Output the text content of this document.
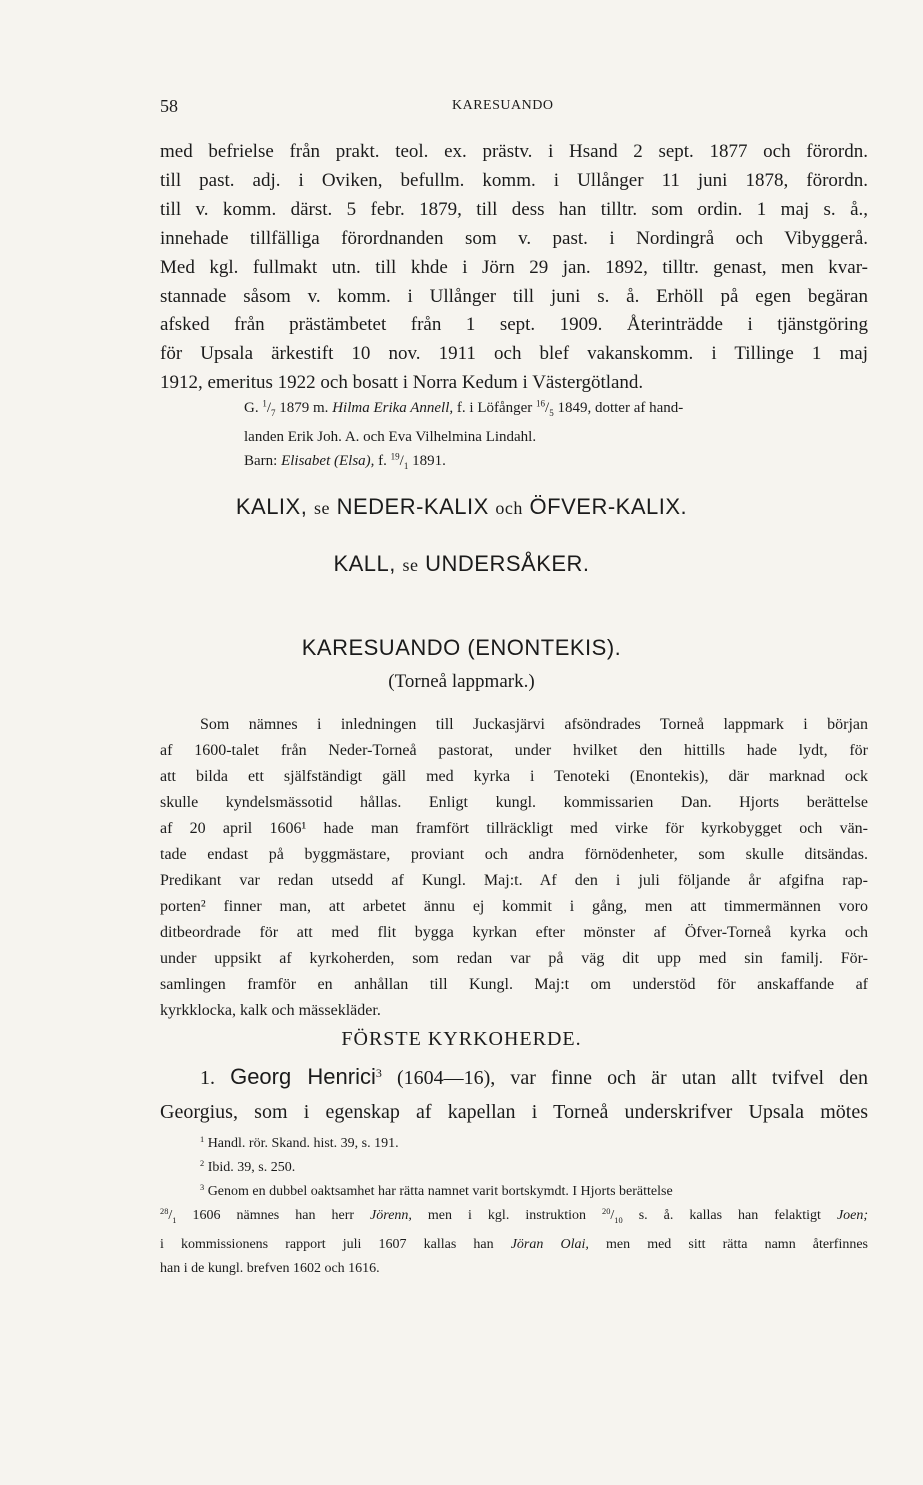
58	KARESUANDO
med befrielse från prakt. teol. ex. prästv. i Hsand 2 sept. 1877 och förordn.
till past. adj. i Oviken, befullm. komm. i Ullånger 11 juni 1878, förordn.
till v. komm. därst. 5 febr. 1879, till dess han tilltr. som ordin. 1 maj s. å.,
innehade tillfälliga förordnanden som v. past. i Nordingrå och Vibyggerå.
Med kgl. fullmakt utn. till khde i Jörn 29 jan. 1892, tilltr. genast, men kvar-
stannade såsom v. komm. i Ullånger till juni s. å. Erhöll på egen begäran
afsked från prästämbetet från 1 sept. 1909. Återinträdde i tjänstgöring
för Upsala ärkestift 10 nov. 1911 och blef vakanskomm. i Tillinge 1 maj
1912, emeritus 1922 och bosatt i Norra Kedum i Västergötland.
G. $^1/_7$ 1879 m. Hilma Erika Annell, f. i Löfånger $^{16}/_5$ 1849, dotter af hand-
landen Erik Joh. A. och Eva Vilhelmina Lindahl.
Barn: Elisabet (Elsa), f. $^{19}/_1$ 1891.
KALIX, se NEDER-KALIX och ÖFVER-KALIX.
KALL, se UNDERSÅKER.
KARESUANDO (ENONTEKIS).
(Torneå lappmark.)
Som nämnes i inledningen till Juckasjärvi afsöndrades Torneå lappmark i början
af 1600-talet från Neder-Torneå pastorat, under hvilket den hittills hade lydt, för
att bilda ett själfständigt gäll med kyrka i Tenoteki (Enontekis), där marknad ock
skulle kyndelsmässotid hållas. Enligt kungl. kommissarien Dan. Hjorts berättelse
af 20 april 1606¹ hade man framfört tillräckligt med virke för kyrkobygget och vän-
tade endast på byggmästare, proviant och andra förnödenheter, som skulle ditsändas.
Predikant var redan utsedd af Kungl. Maj:t. Af den i juli följande år afgifna rap-
porten² finner man, att arbetet ännu ej kommit i gång, men att timmermännen voro
ditbeordrade för att med flit bygga kyrkan efter mönster af Öfver-Torneå kyrka och
under uppsikt af kyrkoherden, som redan var på väg dit upp med sin familj. För-
samlingen framför en anhållan till Kungl. Maj:t om understöd för anskaffande af
kyrkklocka, kalk och mässekläder.
FÖRSTE KYRKOHERDE.
1. Georg Henrici$^3$ (1604—16), var finne och är utan allt tvifvel den
Georgius, som i egenskap af kapellan i Torneå underskrifver Upsala mötes
$^1$ Handl. rör. Skand. hist. 39, s. 191.
$^2$ Ibid. 39, s. 250.
$^3$ Genom en dubbel oaktsamhet har rätta namnet varit bortskymdt. I Hjorts berättelse
$^{28}/_1$ 1606 nämnes han herr Jörenn, men i kgl. instruktion $^{20}/_{10}$ s. å. kallas han felaktigt Joen;
i kommissionens rapport juli 1607 kallas han Jöran Olai, men med sitt rätta namn återfinnes
han i de kungl. brefven 1602 och 1616.
